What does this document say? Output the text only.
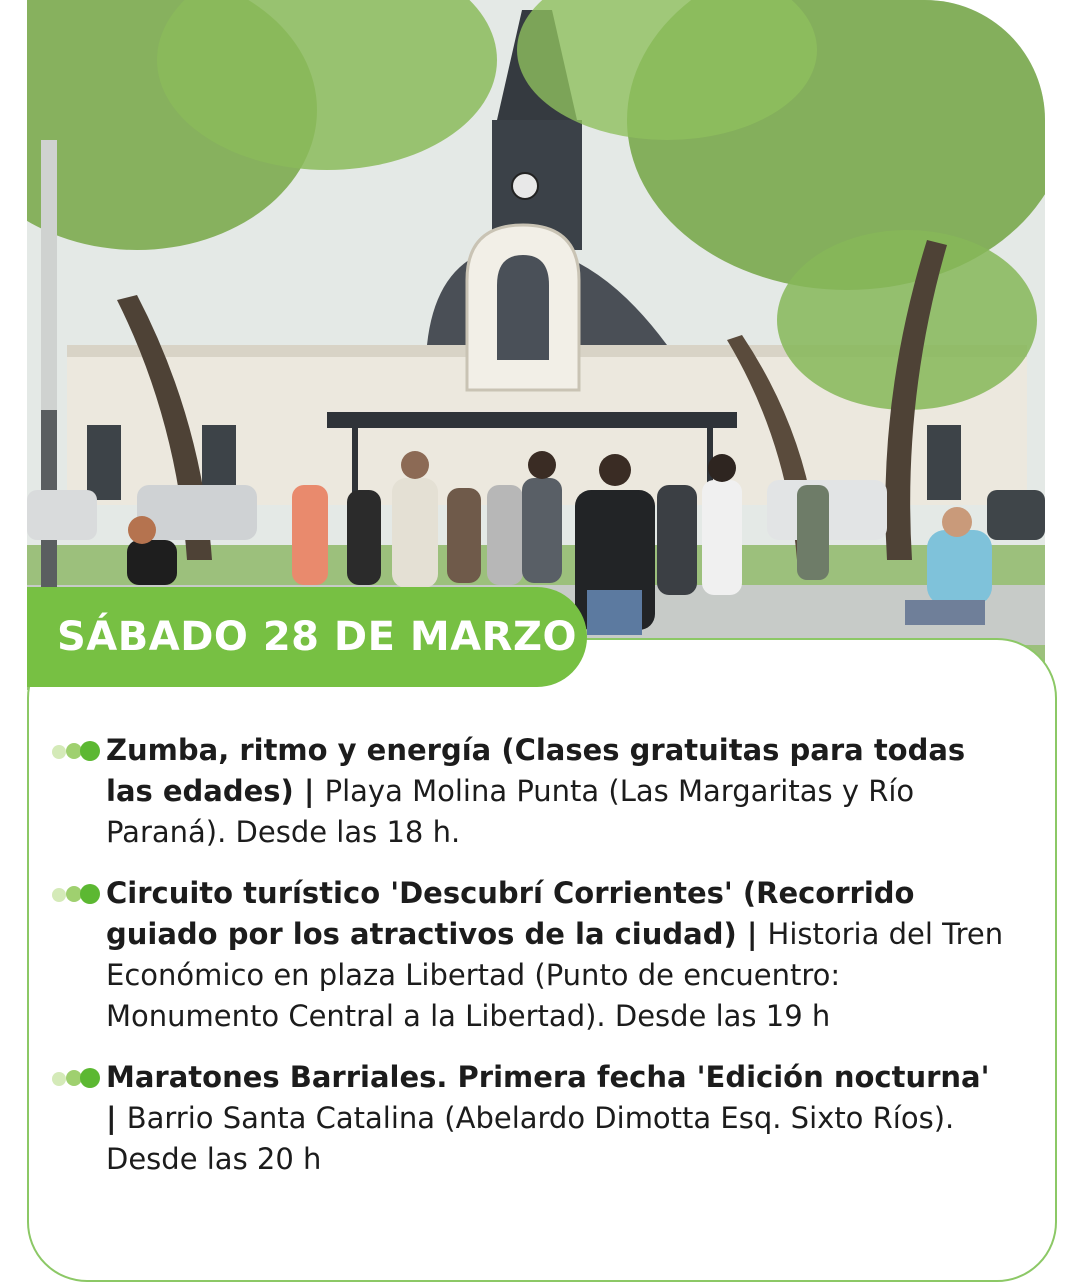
SÁBADO 28 DE MARZO
Zumba, ritmo y energía (Clases gratuitas para todas las edades) | Playa Molina Punta (Las Margaritas y Río Paraná). Desde las 18 h.
Circuito turístico 'Descubrí Corrientes' (Recorrido guiado por los atractivos de la ciudad) | Historia del Tren Económico en plaza Libertad (Punto de encuentro: Monumento Central a la Libertad). Desde las 19 h
Maratones Barriales. Primera fecha 'Edición nocturna' | Barrio Santa Catalina (Abelardo Dimotta Esq. Sixto Ríos). Desde las 20 h
